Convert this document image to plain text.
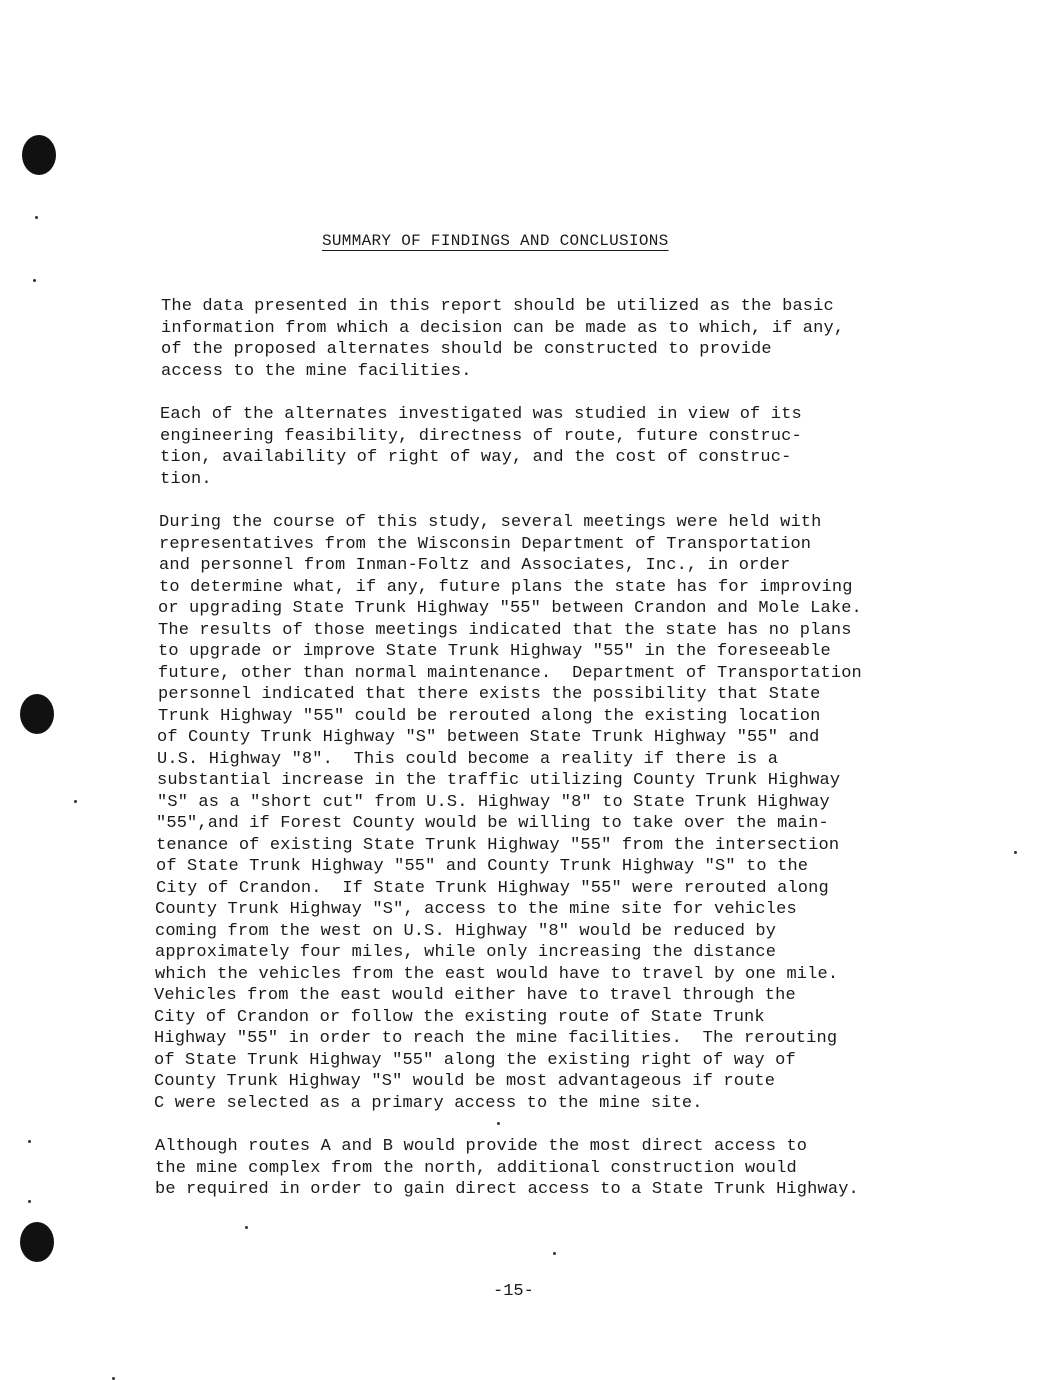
SUMMARY OF FINDINGS AND CONCLUSIONS
The data presented in this report should be utilized as the basic
information from which a decision can be made as to which, if any,
of the proposed alternates should be constructed to provide
access to the mine facilities.
Each of the alternates investigated was studied in view of its
engineering feasibility, directness of route, future construc-
tion, availability of right of way, and the cost of construc-
tion.
During the course of this study, several meetings were held with
representatives from the Wisconsin Department of Transportation
and personnel from Inman-Foltz and Associates, Inc., in order
to determine what, if any, future plans the state has for improving
or upgrading State Trunk Highway "55" between Crandon and Mole Lake.
The results of those meetings indicated that the state has no plans
to upgrade or improve State Trunk Highway "55" in the foreseeable
future, other than normal maintenance.  Department of Transportation
personnel indicated that there exists the possibility that State
Trunk Highway "55" could be rerouted along the existing location
of County Trunk Highway "S" between State Trunk Highway "55" and
U.S. Highway "8".  This could become a reality if there is a
substantial increase in the traffic utilizing County Trunk Highway
"S" as a "short cut" from U.S. Highway "8" to State Trunk Highway
"55",and if Forest County would be willing to take over the main-
tenance of existing State Trunk Highway "55" from the intersection
of State Trunk Highway "55" and County Trunk Highway "S" to the
City of Crandon.  If State Trunk Highway "55" were rerouted along
County Trunk Highway "S", access to the mine site for vehicles
coming from the west on U.S. Highway "8" would be reduced by
approximately four miles, while only increasing the distance
which the vehicles from the east would have to travel by one mile.
Vehicles from the east would either have to travel through the
City of Crandon or follow the existing route of State Trunk
Highway "55" in order to reach the mine facilities.  The rerouting
of State Trunk Highway "55" along the existing right of way of
County Trunk Highway "S" would be most advantageous if route
C were selected as a primary access to the mine site.
Although routes A and B would provide the most direct access to
the mine complex from the north, additional construction would
be required in order to gain direct access to a State Trunk Highway.
-15-
